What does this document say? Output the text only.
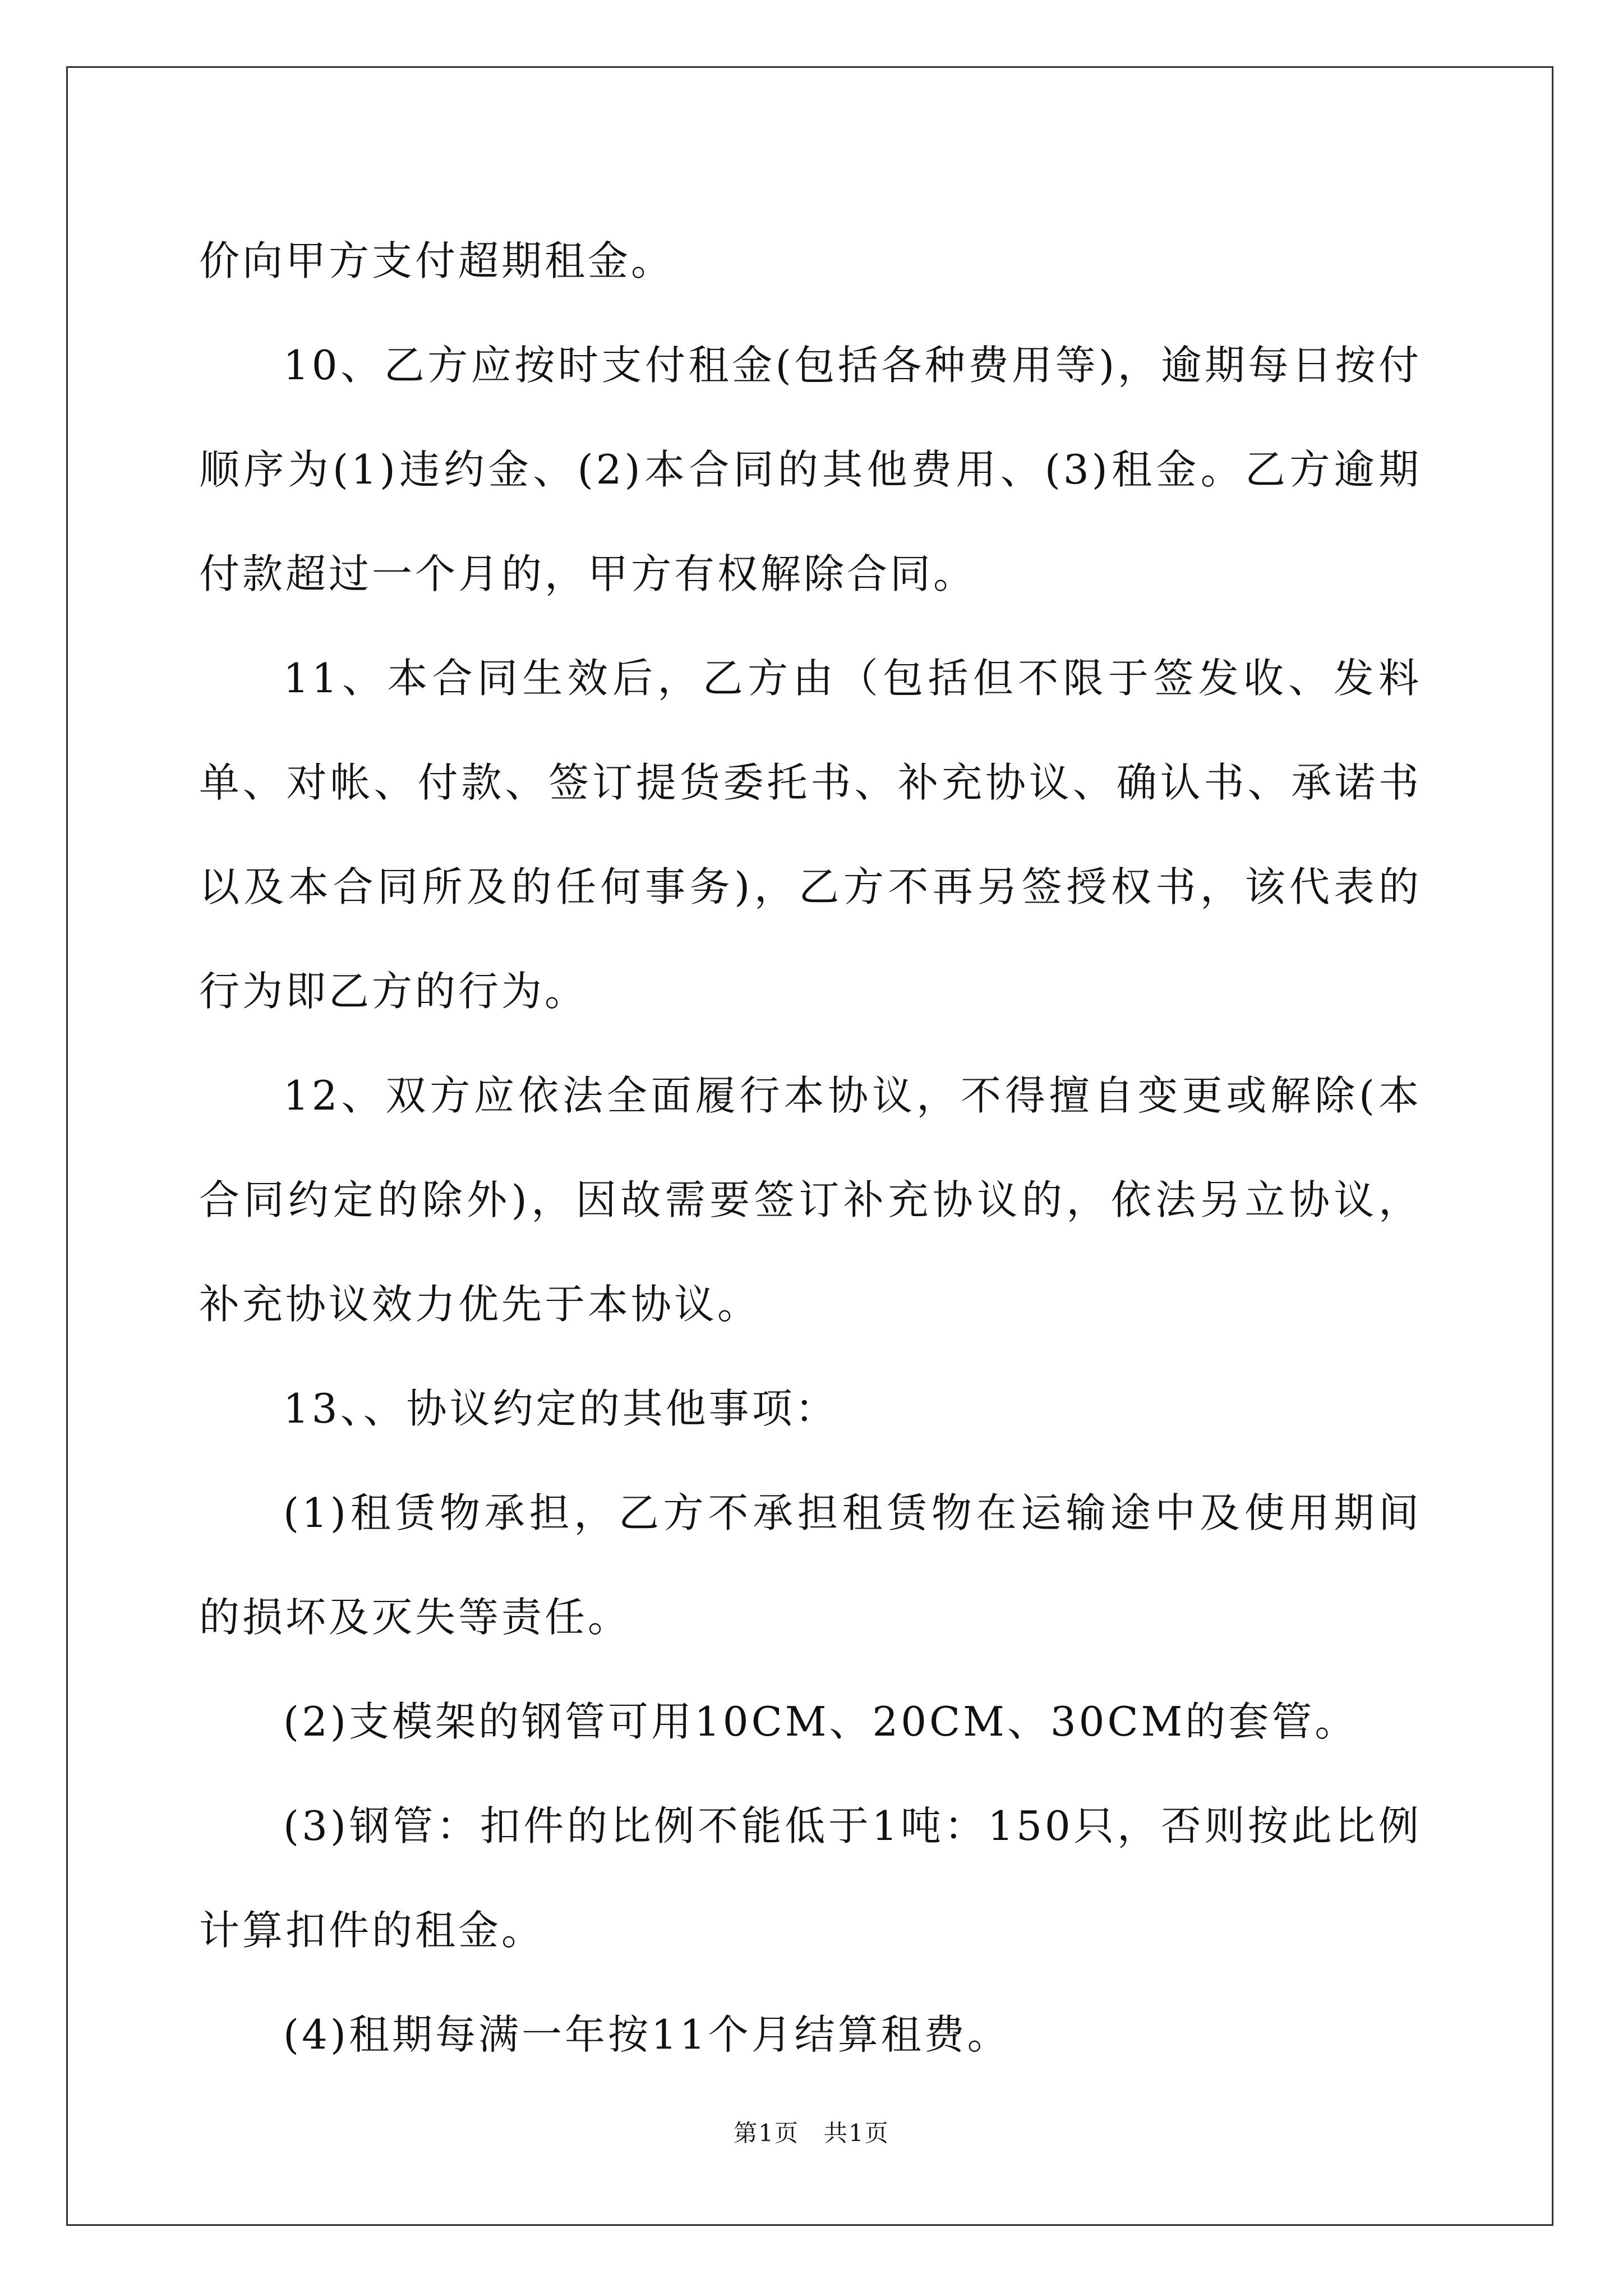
价向甲方支付超期租金。

10、乙方应按时支付租金(包括各种费用等)，逾期每日按付顺序为(1)违约金、(2)本合同的其他费用、(3)租金。乙方逾期付款超过一个月的，甲方有权解除合同。

11、本合同生效后，乙方由（包括但不限于签发收、发料单、对帐、付款、签订提货委托书、补充协议、确认书、承诺书以及本合同所及的任何事务)，乙方不再另签授权书，该代表的行为即乙方的行为。

12、双方应依法全面履行本协议，不得擅自变更或解除(本合同约定的除外)，因故需要签订补充协议的，依法另立协议，补充协议效力优先于本协议。

13、、协议约定的其他事项：

(1)租赁物承担，乙方不承担租赁物在运输途中及使用期间的损坏及灭失等责任。

(2)支模架的钢管可用10CM、20CM、30CM的套管。

(3)钢管：扣件的比例不能低于1吨：150只，否则按此比例计算扣件的租金。

(4)租期每满一年按11个月结算租费。

第1页　共1页
